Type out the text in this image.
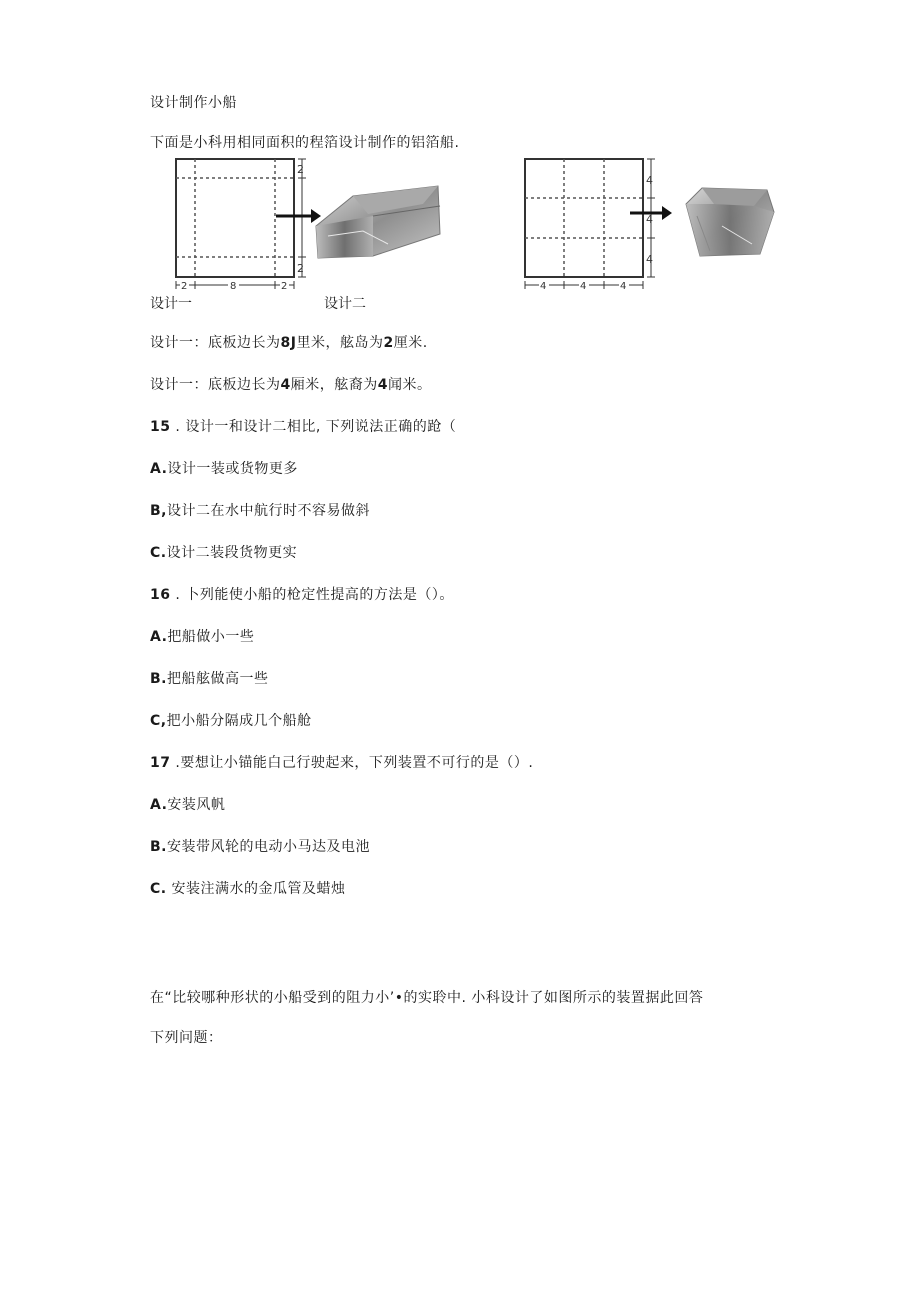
设计制作小船
下面是小科用相同面积的程箔设计制作的铝箔船.
2
2
2	8	2
4
4
4
4	4	4
设计一	设计二
设计一：底板边长为8J里米，舷岛为2厘米.
设计一：底板边长为4厢米，舷裔为4闻米。
15 . 设计一和设计二相比, 下列说法正确的跄（
A.设计一装或货物更多
B,设计二在水中航行时不容易做斜
C.设计二装段货物更实
16 . 卜列能使小船的枪定性提高的方法是（）。
A.把船做小一些
B.把船舷做高一些
C,把小船分隔成几个船舱
17 .要想让小锚能白己行驶起来，下列装置不可行的是（）.
A.安装风帆
B.安装带风轮的电动小马达及电池
C. 安装注满水的金瓜管及蜡烛
在“比较哪种形状的小船受到的阻力小’•的实聆中. 小科设计了如图所示的装置据此回答
下列问题：
